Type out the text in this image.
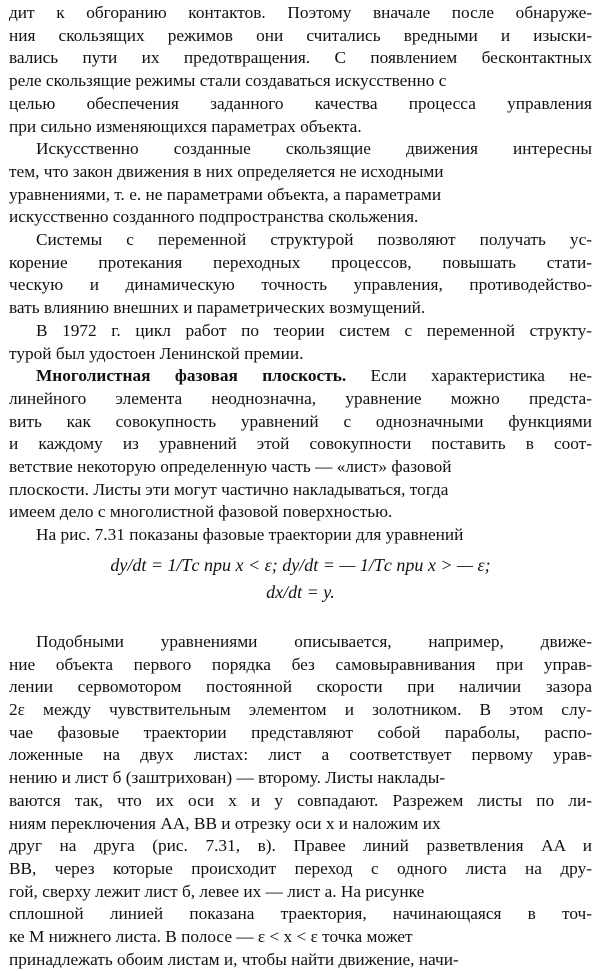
дит к обгоранию контактов. Поэтому вначале после обнаруже-
ния скользящих режимов они считались вредными и изыски-
вались пути их предотвращения. С появлением бесконтактных
реле скользящие режимы стали создаваться искусственно с
целью обеспечения заданного качества процесса управления
при сильно изменяющихся параметрах объекта.
Искусственно созданные скользящие движения интересны
тем, что закон движения в них определяется не исходными
уравнениями, т. е. не параметрами объекта, а параметрами
искусственно созданного подпространства скольжения.
Системы с переменной структурой позволяют получать ус-
корение протекания переходных процессов, повышать стати-
ческую и динамическую точность управления, противодейство-
вать влиянию внешних и параметрических возмущений.
В 1972 г. цикл работ по теории систем с переменной структу-
турой был удостоен Ленинской премии.
Многолистная фазовая плоскость. Если характеристика не-
линейного элемента неоднозначна, уравнение можно предста-
вить как совокупность уравнений с однозначными функциями
и каждому из уравнений этой совокупности поставить в соот-
ветствие некоторую определенную часть — «лист» фазовой
плоскости. Листы эти могут частично накладываться, тогда
имеем дело с многолистной фазовой поверхностью.
На рис. 7.31 показаны фазовые траектории для уравнений
dy/dt = 1/Tс при x < ε; dy/dt = — 1/Tс при x > — ε;
dx/dt = y.
Подобными уравнениями описывается, например, движе-
ние объекта первого порядка без самовыравнивания при управ-
лении сервомотором постоянной скорости при наличии зазора
2ε между чувствительным элементом и золотником. В этом слу-
чае фазовые траектории представляют собой параболы, распо-
ложенные на двух листах: лист а соответствует первому урав-
нению и лист б (заштрихован) — второму. Листы наклады-
ваются так, что их оси x и y совпадают. Разрежем листы по ли-
ниям переключения AA, BB и отрезку оси x и наложим их
друг на друга (рис. 7.31, в). Правее линий разветвления AA и
BB, через которые происходит переход с одного листа на дру-
гой, сверху лежит лист б, левее их — лист а. На рисунке
сплошной линией показана траектория, начинающаяся в точ-
ке M нижнего листа. В полосе — ε < x < ε точка может
принадлежать обоим листам и, чтобы найти движение, начи-
